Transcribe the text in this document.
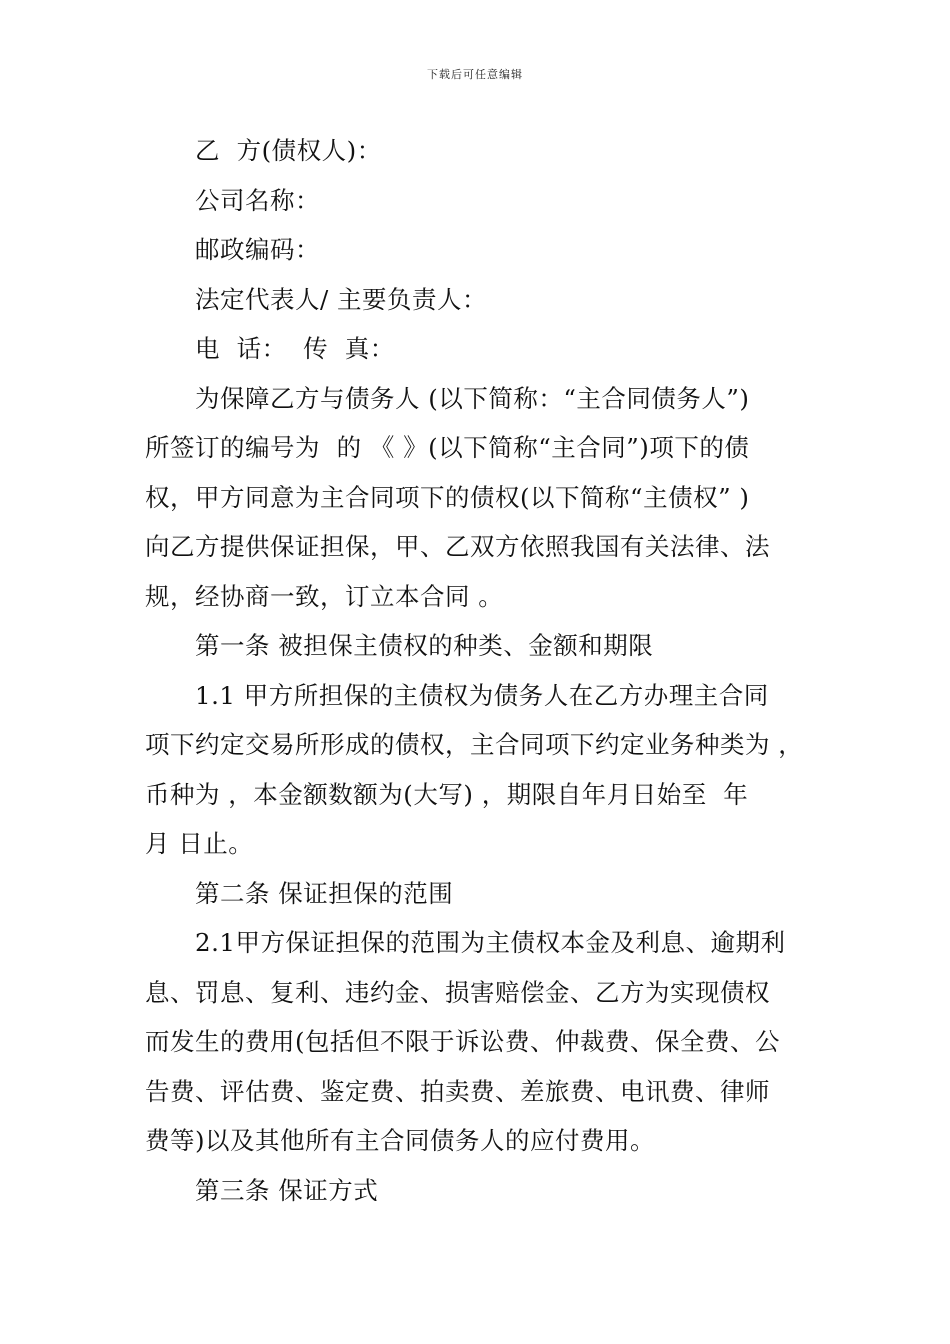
下载后可任意编辑
乙  方(债权人)：
公司名称：
邮政编码：
法定代表人/ 主要负责人：
电  话：  传  真：
为保障乙方与债务人 (以下简称：“主合同债务人”)
所签订的编号为  的 《 》(以下简称“主合同”)项下的债
权，甲方同意为主合同项下的债权(以下简称“主债权” )
向乙方提供保证担保，甲、乙双方依照我国有关法律、法
规，经协商一致，订立本合同 。
第一条 被担保主债权的种类、金额和期限
1.1 甲方所担保的主债权为债务人在乙方办理主合同
项下约定交易所形成的债权，主合同项下约定业务种类为 ，
币种为 ，本金额数额为(大写) ，期限自年月日始至  年
月 日止。
第二条 保证担保的范围
2.1甲方保证担保的范围为主债权本金及利息、逾期利
息、罚息、复利、违约金、损害赔偿金、乙方为实现债权
而发生的费用(包括但不限于诉讼费、仲裁费、保全费、公
告费、评估费、鉴定费、拍卖费、差旅费、电讯费、律师
费等)以及其他所有主合同债务人的应付费用。
第三条 保证方式
